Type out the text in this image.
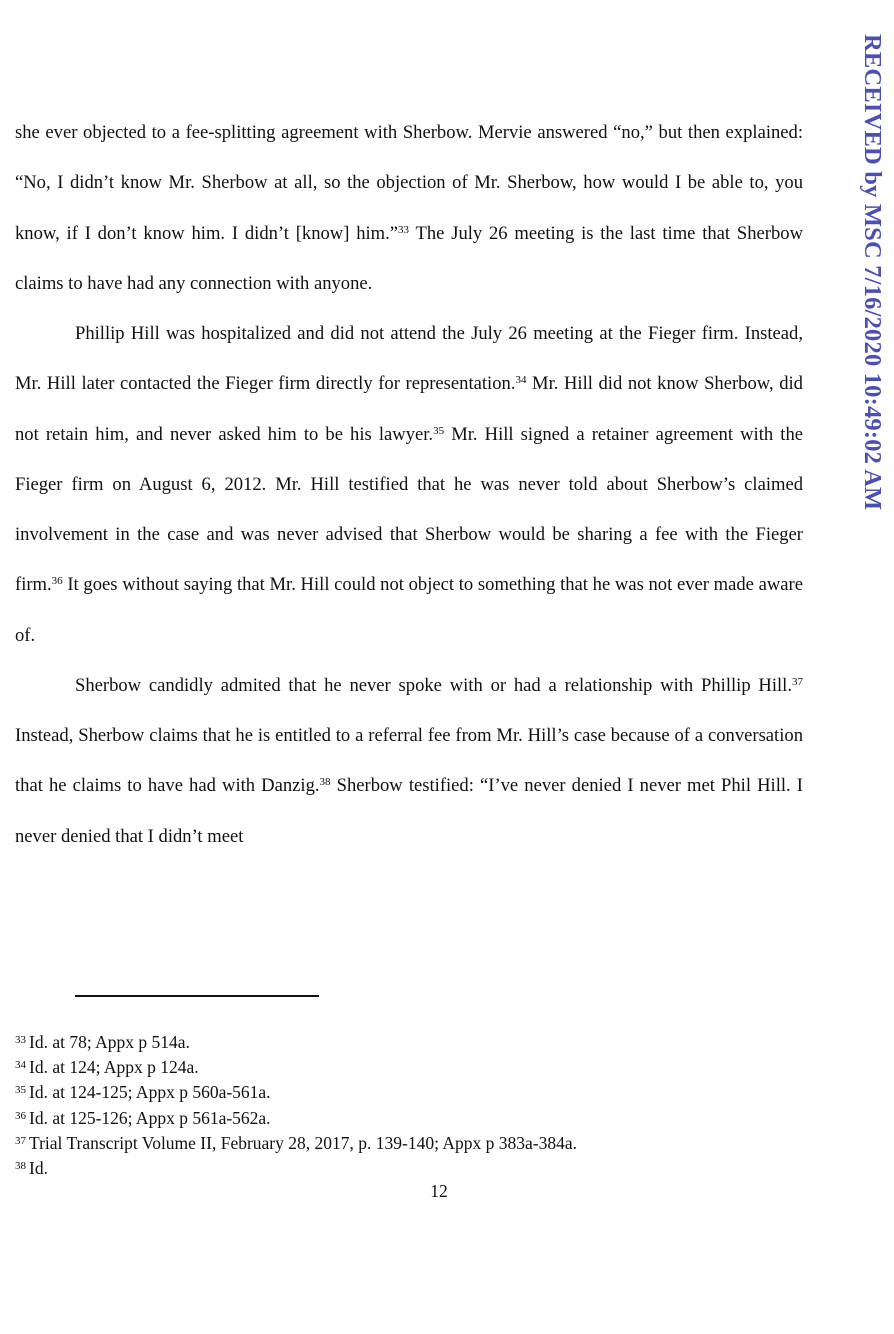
she ever objected to a fee-splitting agreement with Sherbow. Mervie answered “no,” but then explained: “No, I didn’t know Mr. Sherbow at all, so the objection of Mr. Sherbow, how would I be able to, you know, if I don’t know him. I didn’t [know] him.”$^{33}$ The July 26 meeting is the last time that Sherbow claims to have had any connection with anyone.

Phillip Hill was hospitalized and did not attend the July 26 meeting at the Fieger firm. Instead, Mr. Hill later contacted the Fieger firm directly for representation.$^{34}$ Mr. Hill did not know Sherbow, did not retain him, and never asked him to be his lawyer.$^{35}$ Mr. Hill signed a retainer agreement with the Fieger firm on August 6, 2012. Mr. Hill testified that he was never told about Sherbow’s claimed involvement in the case and was never advised that Sherbow would be sharing a fee with the Fieger firm.$^{36}$ It goes without saying that Mr. Hill could not object to something that he was not ever made aware of.

Sherbow candidly admited that he never spoke with or had a relationship with Phillip Hill.$^{37}$ Instead, Sherbow claims that he is entitled to a referral fee from Mr. Hill’s case because of a conversation that he claims to have had with Danzig.$^{38}$ Sherbow testified: “I’ve never denied I never met Phil Hill. I never denied that I didn’t meet

$^{33}$ Id. at 78; Appx p 514a.
$^{34}$ Id. at 124; Appx p 124a.
$^{35}$ Id. at 124-125; Appx p 560a-561a.
$^{36}$ Id. at 125-126; Appx p 561a-562a.
$^{37}$ Trial Transcript Volume II, February 28, 2017, p. 139-140; Appx p 383a-384a.
$^{38}$ Id.
12
RECEIVED by MSC 7/16/2020 10:49:02 AM
